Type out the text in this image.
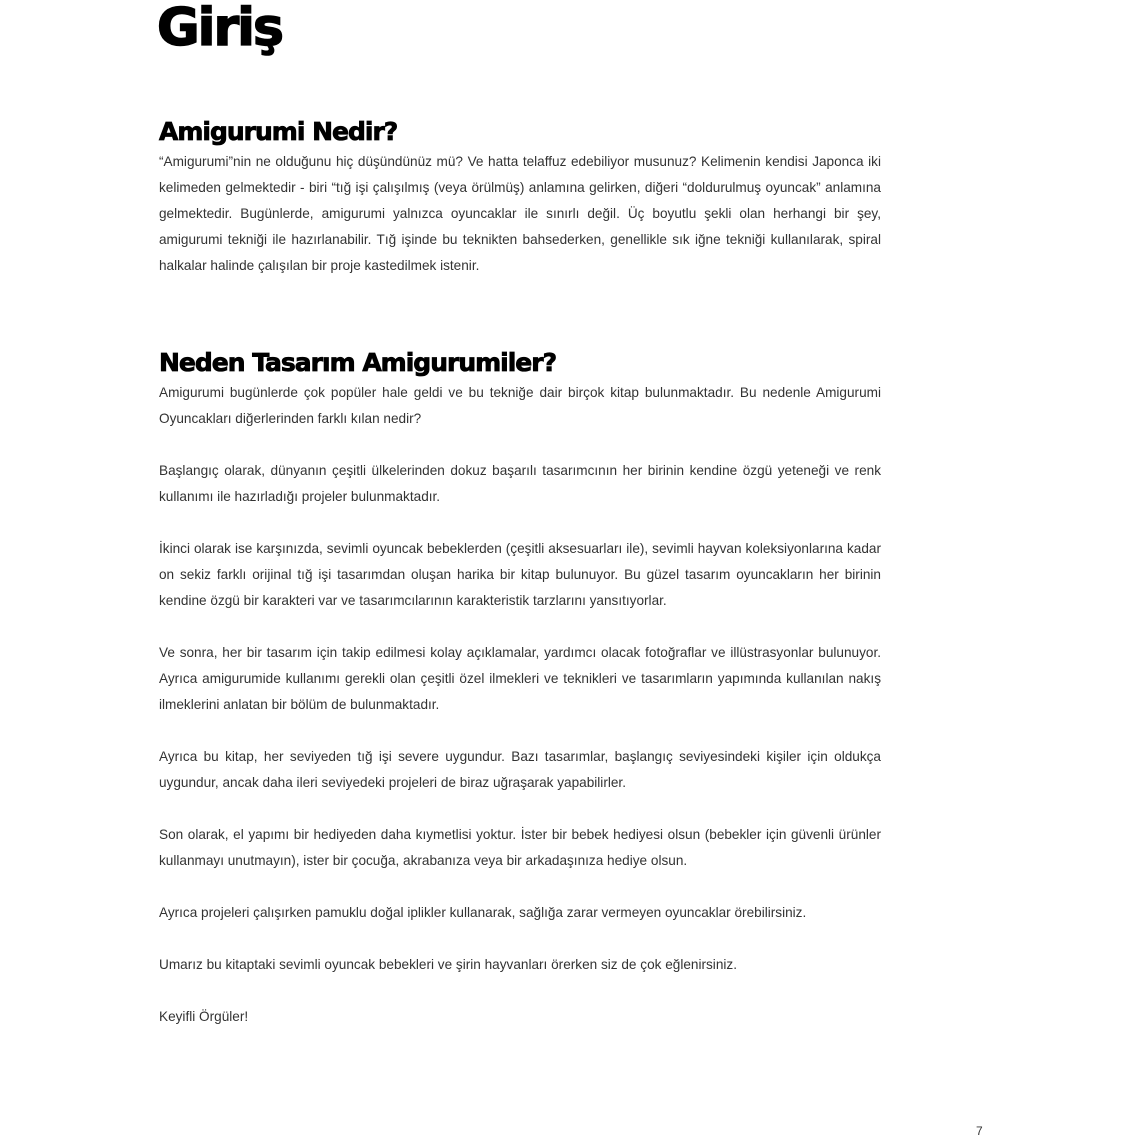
Giriş
Amigurumi Nedir?

“Amigurumi”nin ne olduğunu hiç düşündünüz mü? Ve hatta telaffuz edebiliyor musunuz? Kelimenin kendisi Japonca iki kelimeden gelmektedir - biri “tığ işi çalışılmış (veya örülmüş) anlamına gelirken, diğeri “doldurulmuş oyuncak” anlamına gelmektedir. Bugünlerde, amigurumi yalnızca oyuncaklar ile sınırlı değil. Üç boyutlu şekli olan herhangi bir şey, amigurumi tekniği ile hazırlanabilir. Tığ işinde bu teknikten bahsederken, genellikle sık iğne tekniği kullanılarak, spiral halkalar halinde çalışılan bir proje kastedilmek istenir.

Neden Tasarım Amigurumiler?

Amigurumi bugünlerde çok popüler hale geldi ve bu tekniğe dair birçok kitap bulunmaktadır. Bu nedenle Amigurumi Oyuncakları diğerlerinden farklı kılan nedir?

Başlangıç olarak, dünyanın çeşitli ülkelerinden dokuz başarılı tasarımcının her birinin kendine özgü yeteneği ve renk kullanımı ile hazırladığı projeler bulunmaktadır.

İkinci olarak ise karşınızda, sevimli oyuncak bebeklerden (çeşitli aksesuarları ile), sevimli hayvan koleksiyonlarına kadar on sekiz farklı orijinal tığ işi tasarımdan oluşan harika bir kitap bulunuyor. Bu güzel tasarım oyuncakların her birinin kendine özgü bir karakteri var ve tasarımcılarının karakteristik tarzlarını yansıtıyorlar.

Ve sonra, her bir tasarım için takip edilmesi kolay açıklamalar, yardımcı olacak fotoğraflar ve illüstrasyonlar bulunuyor. Ayrıca amigurumide kullanımı gerekli olan çeşitli özel ilmekleri ve teknikleri ve tasarımların yapımında kullanılan nakış ilmeklerini anlatan bir bölüm de bulunmaktadır.

Ayrıca bu kitap, her seviyeden tığ işi severe uygundur. Bazı tasarımlar, başlangıç seviyesindeki kişiler için oldukça uygundur, ancak daha ileri seviyedeki projeleri de biraz uğraşarak yapabilirler.

Son olarak, el yapımı bir hediyeden daha kıymetlisi yoktur. İster bir bebek hediyesi olsun (bebekler için güvenli ürünler kullanmayı unutmayın), ister bir çocuğa, akrabanıza veya bir arkadaşınıza hediye olsun.

Ayrıca projeleri çalışırken pamuklu doğal iplikler kullanarak, sağlığa zarar vermeyen oyuncaklar örebilirsiniz.

Umarız bu kitaptaki sevimli oyuncak bebekleri ve şirin hayvanları örerken siz de çok eğlenirsiniz.

Keyifli Örgüler!

7
